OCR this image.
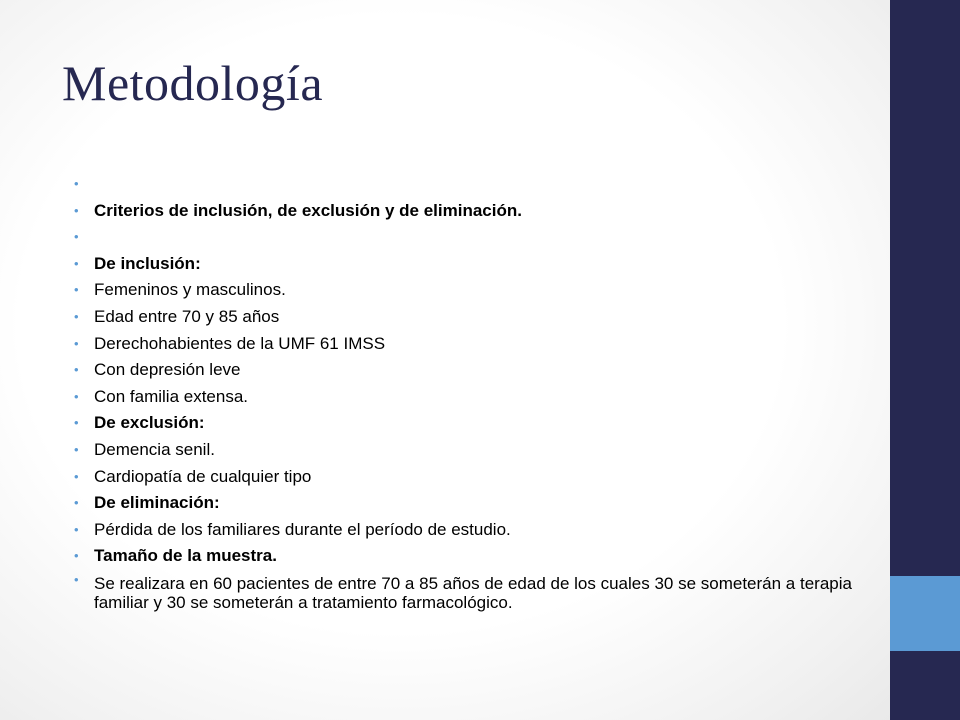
Metodología
•
• Criterios de inclusión, de exclusión y de eliminación.
•
• De inclusión:
• Femeninos y masculinos.
• Edad entre 70 y 85 años
• Derechohabientes de la UMF 61 IMSS
• Con depresión leve
• Con familia extensa.
• De exclusión:
• Demencia senil.
• Cardiopatía de cualquier tipo
• De eliminación:
• Pérdida de los familiares durante el período de estudio.
• Tamaño de la muestra.
• Se realizara en 60 pacientes de entre 70 a 85 años de edad de los cuales 30 se someterán a terapia familiar y 30 se someterán a tratamiento farmacológico.
